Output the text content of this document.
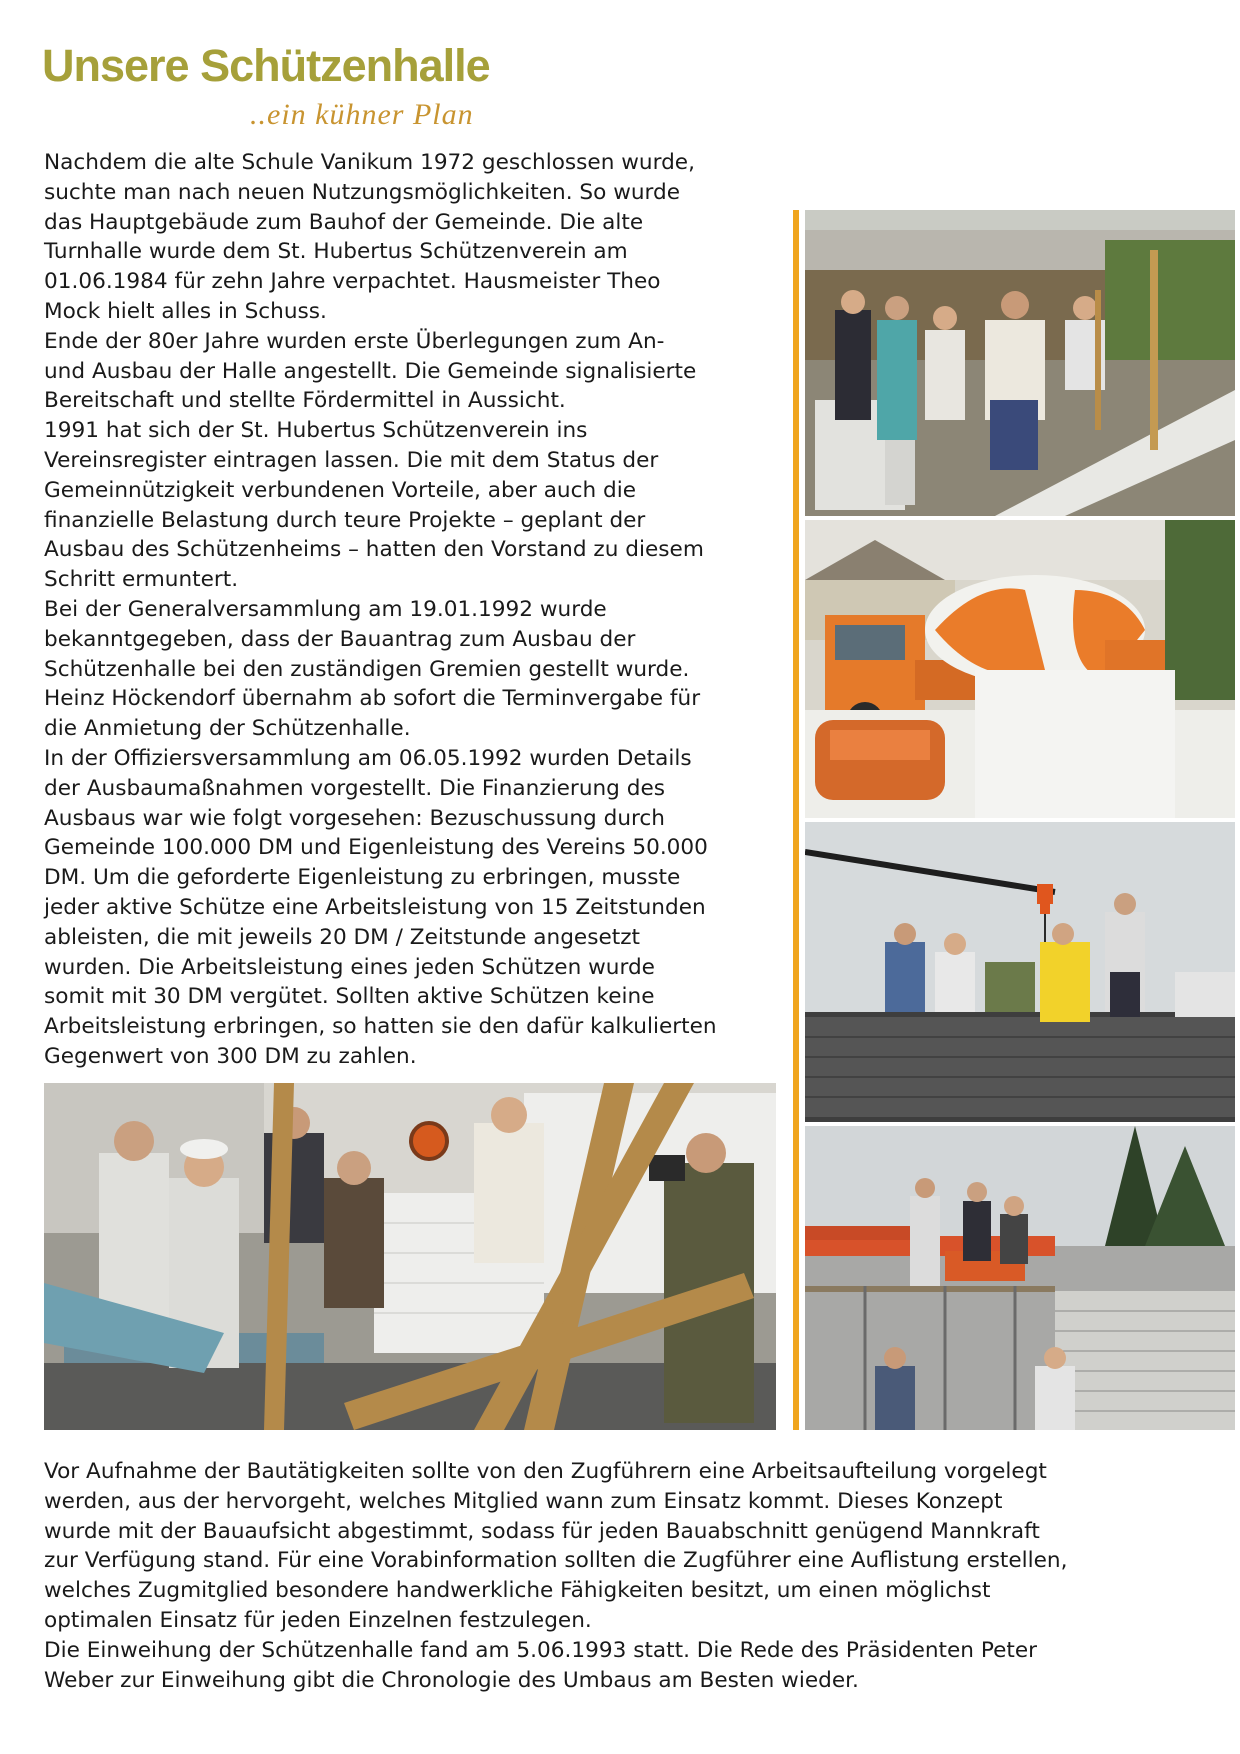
Unsere Schützenhalle
..ein kühner Plan

Nachdem die alte Schule Vanikum 1972 geschlossen wurde,
suchte man nach neuen Nutzungsmöglichkeiten. So wurde
das Hauptgebäude zum Bauhof der Gemeinde. Die alte
Turnhalle wurde dem St. Hubertus Schützenverein am
01.06.1984 für zehn Jahre verpachtet. Hausmeister Theo
Mock hielt alles in Schuss.
Ende der 80er Jahre wurden erste Überlegungen zum An-
und Ausbau der Halle angestellt. Die Gemeinde signalisierte
Bereitschaft und stellte Fördermittel in Aussicht.
1991 hat sich der St. Hubertus Schützenverein ins
Vereinsregister eintragen lassen. Die mit dem Status der
Gemeinnützigkeit verbundenen Vorteile, aber auch die
finanzielle Belastung durch teure Projekte – geplant der
Ausbau des Schützenheims – hatten den Vorstand zu diesem
Schritt ermuntert.
Bei der Generalversammlung am 19.01.1992 wurde
bekanntgegeben, dass der Bauantrag zum Ausbau der
Schützenhalle bei den zuständigen Gremien gestellt wurde.
Heinz Höckendorf übernahm ab sofort die Terminvergabe für
die Anmietung der Schützenhalle.
In der Offiziersversammlung am 06.05.1992 wurden Details
der Ausbaumaßnahmen vorgestellt. Die Finanzierung des
Ausbaus war wie folgt vorgesehen: Bezuschussung durch
Gemeinde 100.000 DM und Eigenleistung des Vereins 50.000
DM. Um die geforderte Eigenleistung zu erbringen, musste
jeder aktive Schütze eine Arbeitsleistung von 15 Zeitstunden
ableisten, die mit jeweils 20 DM / Zeitstunde angesetzt
wurden. Die Arbeitsleistung eines jeden Schützen wurde
somit mit 30 DM vergütet. Sollten aktive Schützen keine
Arbeitsleistung erbringen, so hatten sie den dafür kalkulierten
Gegenwert von 300 DM zu zahlen.

Vor Aufnahme der Bautätigkeiten sollte von den Zugführern eine Arbeitsaufteilung vorgelegt
werden, aus der hervorgeht, welches Mitglied wann zum Einsatz kommt. Dieses Konzept
wurde mit der Bauaufsicht abgestimmt, sodass für jeden Bauabschnitt genügend Mannkraft
zur Verfügung stand. Für eine Vorabinformation sollten die Zugführer eine Auflistung erstellen,
welches Zugmitglied besondere handwerkliche Fähigkeiten besitzt, um einen möglichst
optimalen Einsatz für jeden Einzelnen festzulegen.
Die Einweihung der Schützenhalle fand am 5.06.1993 statt. Die Rede des Präsidenten Peter
Weber zur Einweihung gibt die Chronologie des Umbaus am Besten wieder.
